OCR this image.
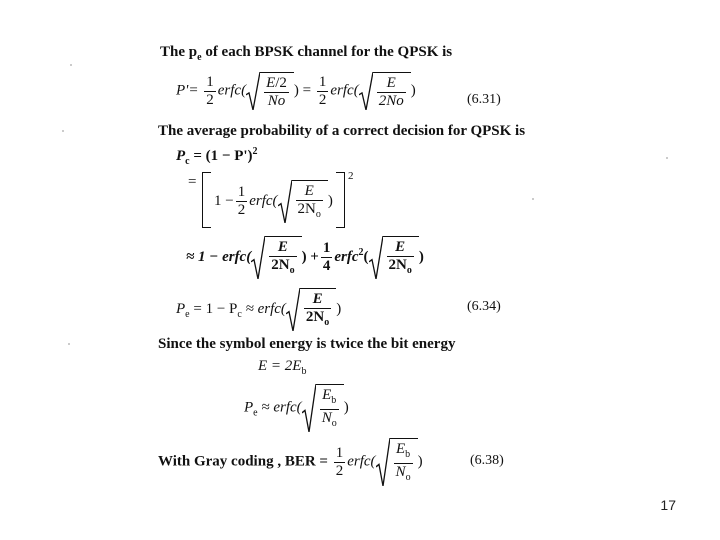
The $p_e$ of each BPSK channel for the QPSK is
$P'= \frac{1}{2}$ erfc( $\frac{E/2}{No}$ ) = $\frac{1}{2}$ erfc( $\frac{E}{2No}$ )
(6.31)
The average probability of a correct decision for QPSK is
$P_c = (1 - P')^2$
=
$1 - \frac{1}{2}$ erfc( $\frac{E}{2N_o}$ )
2
≈ 1 − erfc( $\frac{E}{2N_o}$ ) + $\frac{1}{4}$ erfc$^2$( $\frac{E}{2N_o}$ )
$P_e = 1 - P_c$ ≈ erfc( $\frac{E}{2N_o}$ )	(6.34)
Since the symbol energy is twice the bit energy
$E = 2E_b$
$P_e$ ≈ erfc( $\frac{E_b}{N_o}$ )
With Gray coding , BER = $\frac{1}{2}$ erfc( $\frac{E_b}{N_o}$ )	(6.38)
17
